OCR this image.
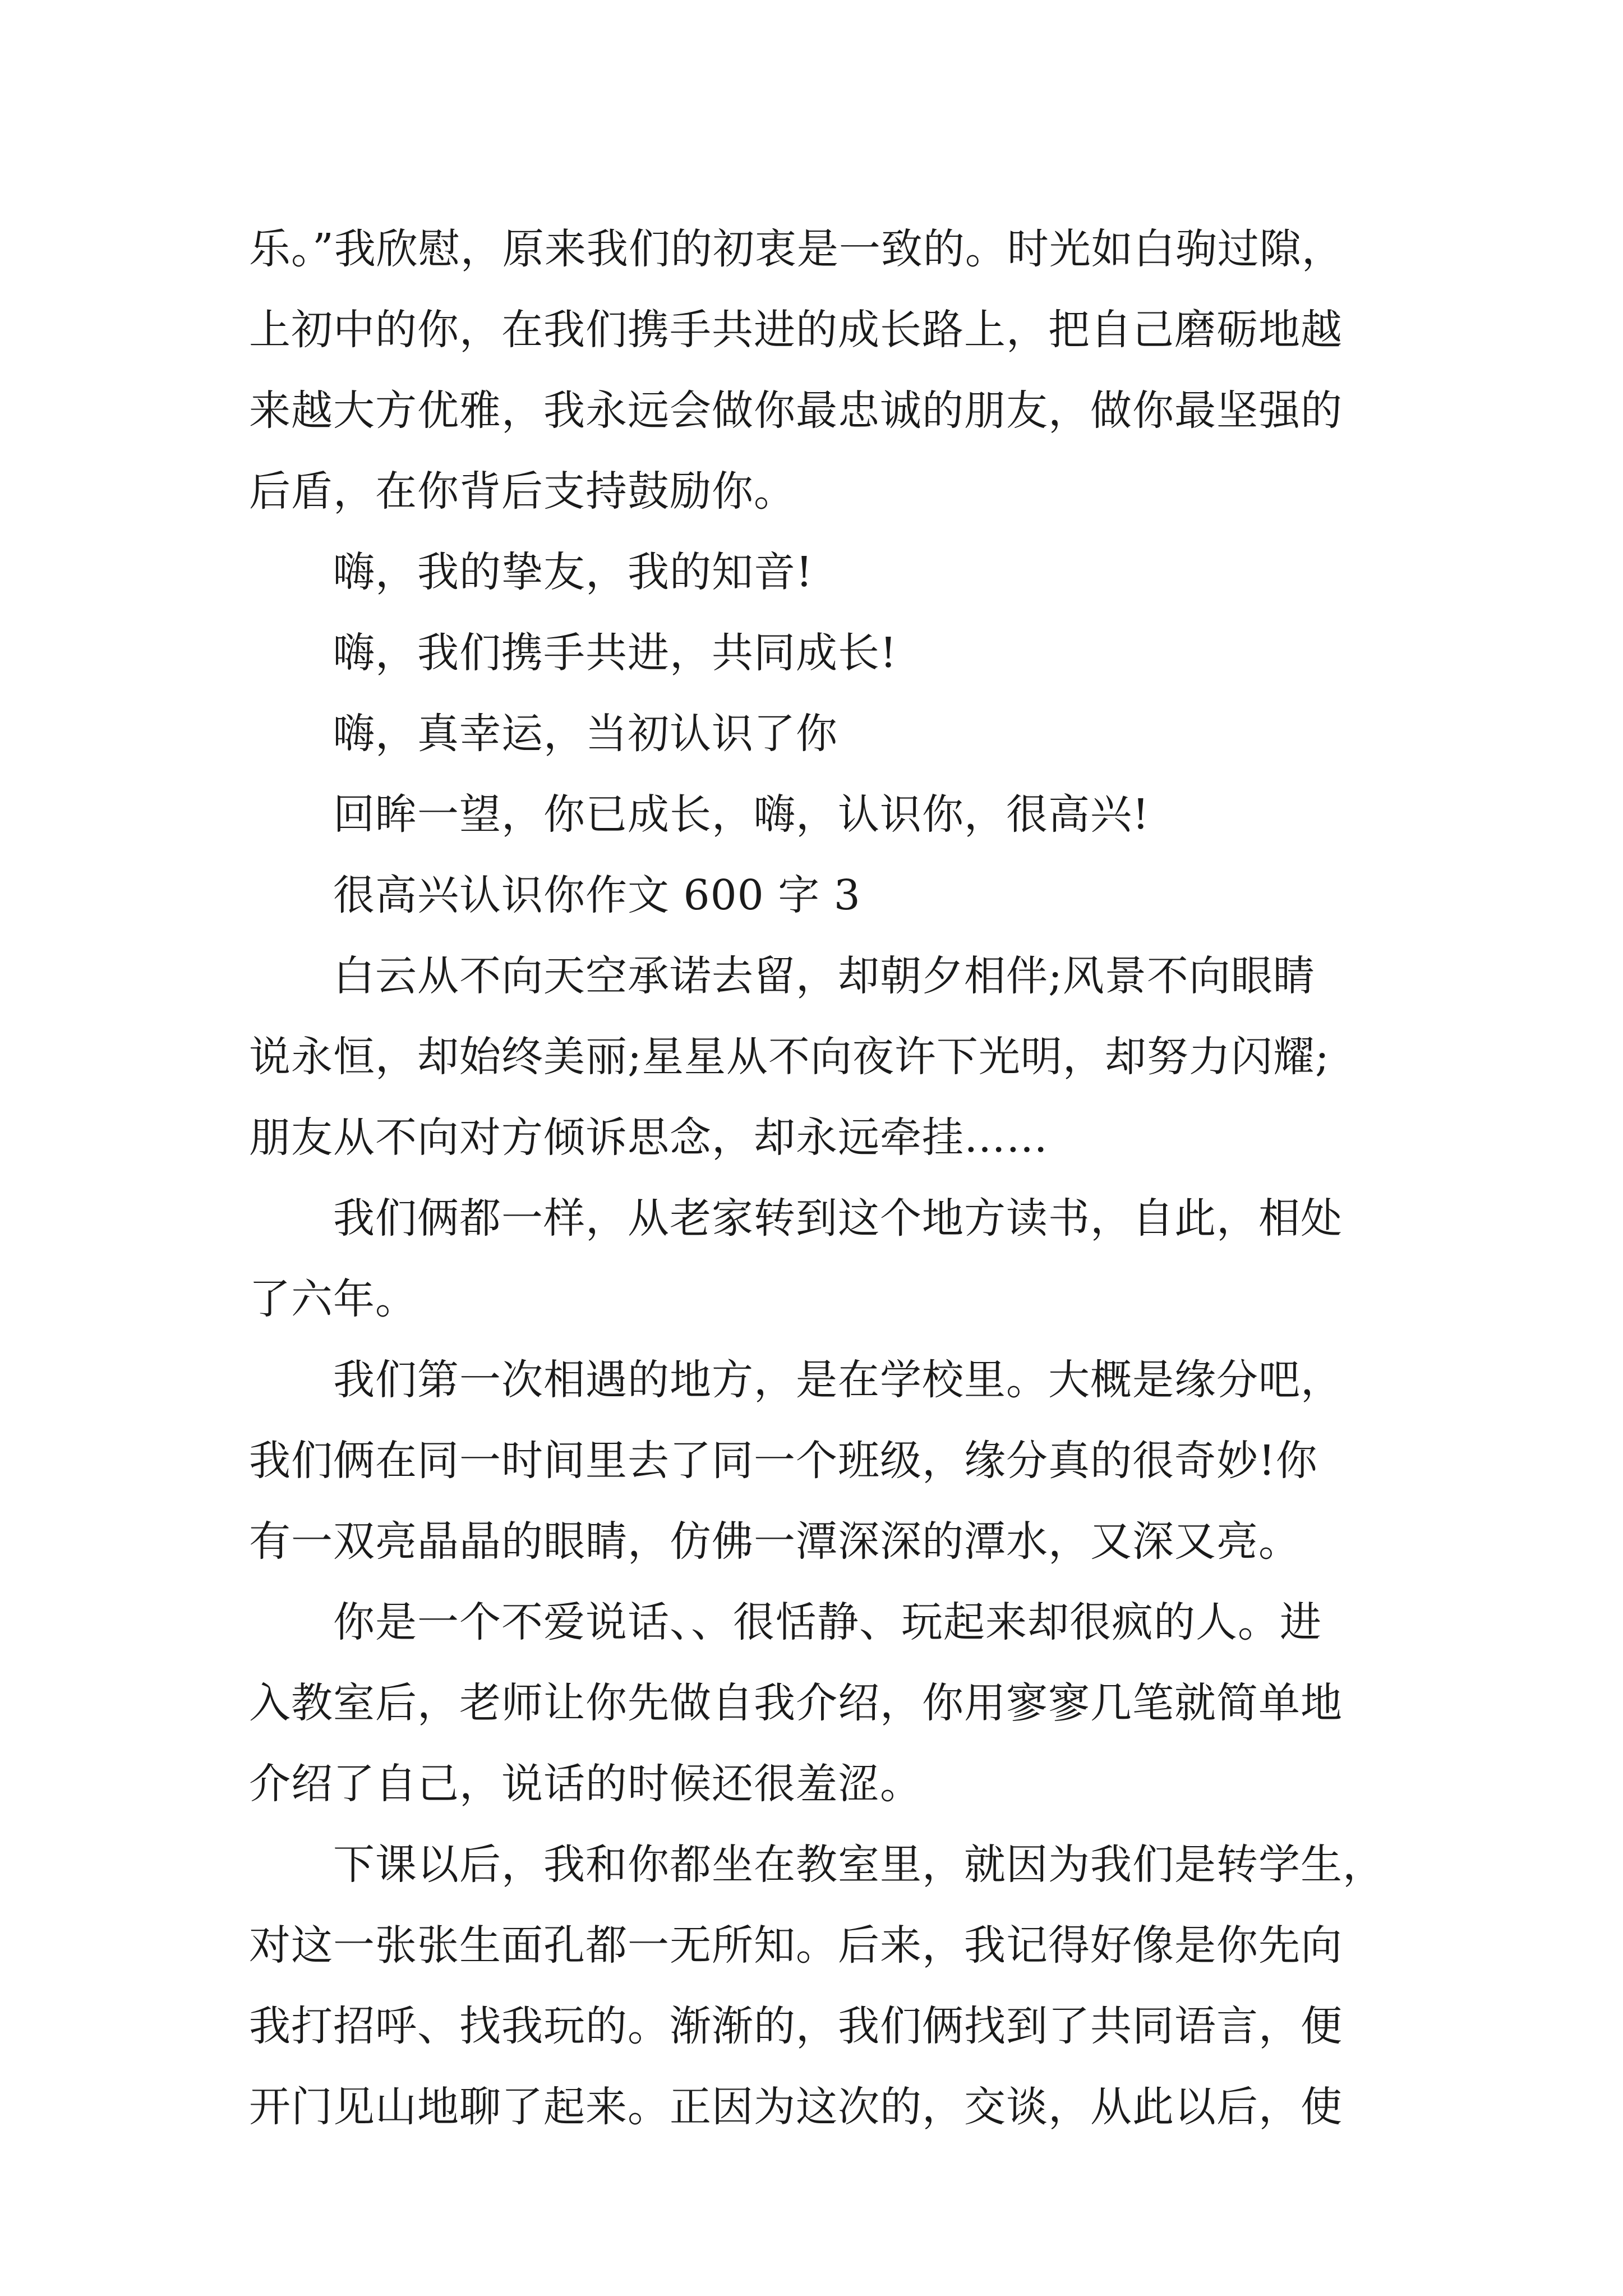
乐。”我欣慰，原来我们的初衷是一致的。时光如白驹过隙，
上初中的你，在我们携手共进的成长路上，把自己磨砺地越
来越大方优雅，我永远会做你最忠诚的朋友，做你最坚强的
后盾，在你背后支持鼓励你。
嗨，我的挚友，我的知音!
嗨，我们携手共进，共同成长!
嗨，真幸运，当初认识了你
回眸一望，你已成长，嗨，认识你，很高兴!
很高兴认识你作文 600 字 3
白云从不向天空承诺去留，却朝夕相伴;风景不向眼睛
说永恒，却始终美丽;星星从不向夜许下光明，却努力闪耀;
朋友从不向对方倾诉思念，却永远牵挂……
我们俩都一样，从老家转到这个地方读书，自此，相处
了六年。
我们第一次相遇的地方，是在学校里。大概是缘分吧，
我们俩在同一时间里去了同一个班级，缘分真的很奇妙!你
有一双亮晶晶的眼睛，仿佛一潭深深的潭水，又深又亮。
你是一个不爱说话、、很恬静、玩起来却很疯的人。进
入教室后，老师让你先做自我介绍，你用寥寥几笔就简单地
介绍了自己，说话的时候还很羞涩。
下课以后，我和你都坐在教室里，就因为我们是转学生，
对这一张张生面孔都一无所知。后来，我记得好像是你先向
我打招呼、找我玩的。渐渐的，我们俩找到了共同语言，便
开门见山地聊了起来。正因为这次的，交谈，从此以后，使
